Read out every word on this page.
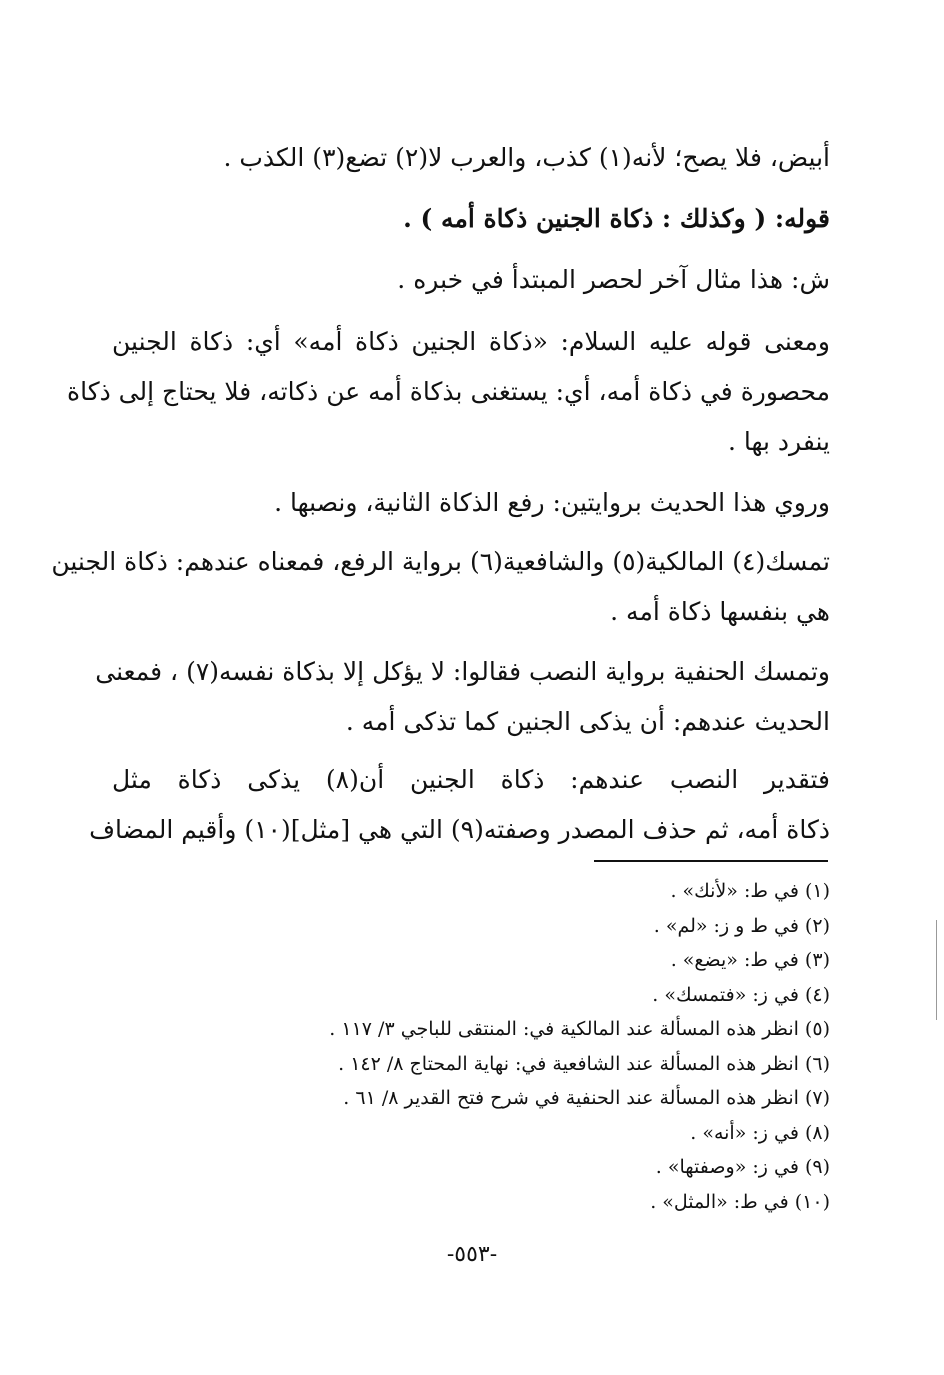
أبيض، فلا يصح؛ لأنه(١) كذب، والعرب لا(٢) تضع(٣) الكذب .
قوله: ( وكذلك : ذكاة الجنين ذكاة أمه ) .
ش: هذا مثال آخر لحصر المبتدأ في خبره .
ومعنى قوله عليه السلام: «ذكاة الجنين ذكاة أمه» أي: ذكاة الجنين
محصورة في ذكاة أمه، أي: يستغنى بذكاة أمه عن ذكاته، فلا يحتاج إلى ذكاة
ينفرد بها .
وروي هذا الحديث بروايتين: رفع الذكاة الثانية، ونصبها .
تمسك(٤) المالكية(٥) والشافعية(٦) برواية الرفع، فمعناه عندهم: ذكاة الجنين
هي بنفسها ذكاة أمه .
وتمسك الحنفية برواية النصب فقالوا: لا يؤكل إلا بذكاة نفسه(٧) ، فمعنى
الحديث عندهم: أن يذكى الجنين كما تذكى أمه .
فتقدير النصب عندهم: ذكاة الجنين أن(٨) يذكى ذكاة مثل
ذكاة أمه، ثم حذف المصدر وصفته(٩) التي هي [مثل](١٠) وأقيم المضاف
(١) في ط: «لأنك» .
(٢) في ط و ز: «لم» .
(٣) في ط: «يضع» .
(٤) في ز: «فتمسك» .
(٥) انظر هذه المسألة عند المالكية في: المنتقى للباجي ٣/ ١١٧ .
(٦) انظر هذه المسألة عند الشافعية في: نهاية المحتاج ٨/ ١٤٢ .
(٧) انظر هذه المسألة عند الحنفية في شرح فتح القدير ٨/ ٦١ .
(٨) في ز: «أنه» .
(٩) في ز: «وصفتها» .
(١٠) في ط: «المثل» .
-٥٥٣-
